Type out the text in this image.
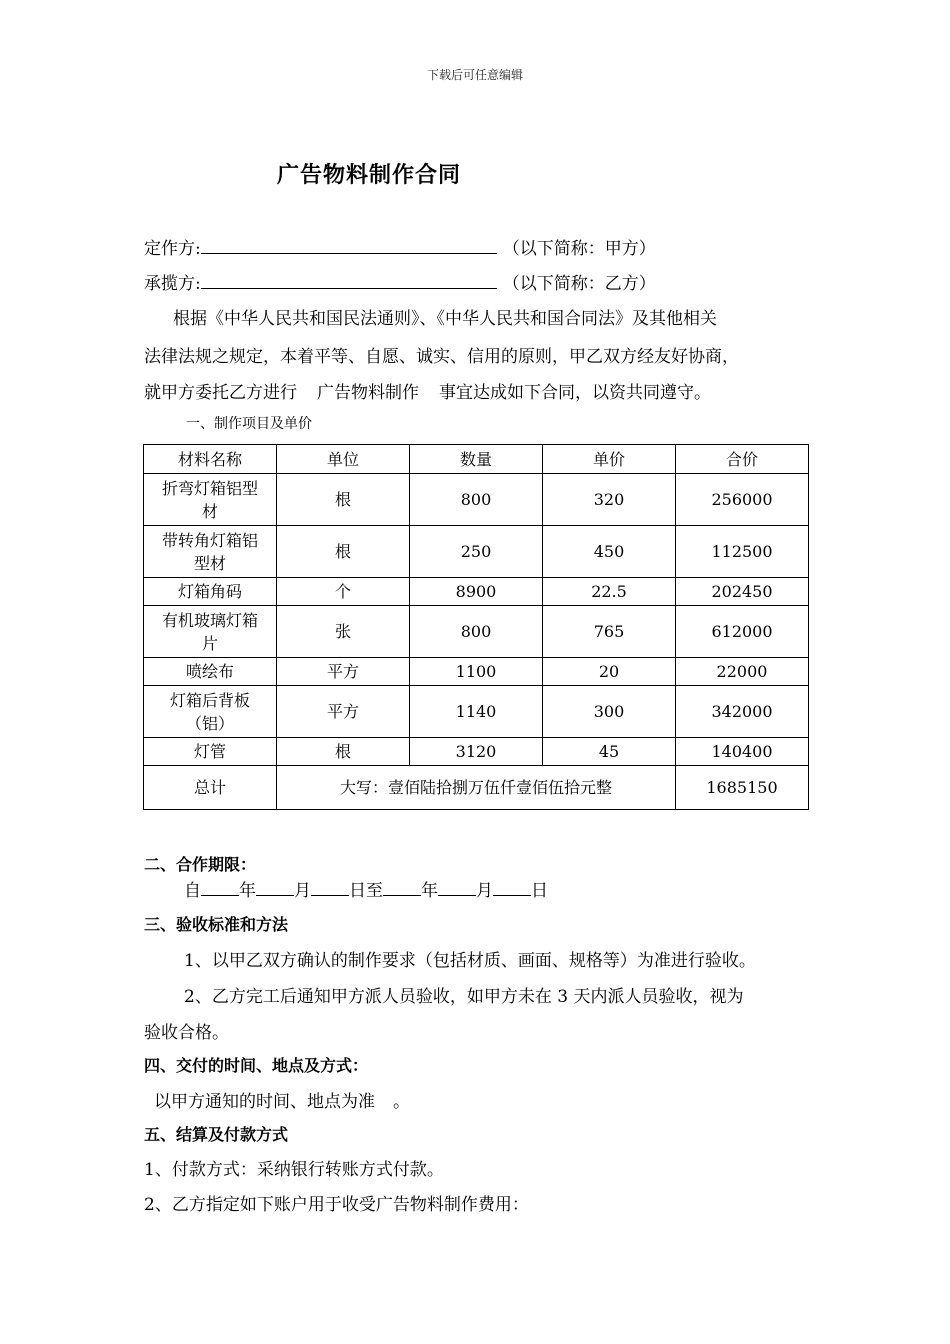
下载后可任意编辑
广告物料制作合同
定作方:	（以下简称：甲方）
承揽方:	（以下简称：乙方）
根据《中华人民共和国民法通则》、《中华人民共和国合同法》及其他相关
法律法规之规定，本着平等、自愿、诚实、信用的原则，甲乙双方经友好协商，
就甲方委托乙方进行 广告物料制作 事宜达成如下合同，以资共同遵守。
一、制作项目及单价
材料名称	单位	数量	单价	合价
折弯灯箱铝型
材	根	800	320	256000
带转角灯箱铝
型材	根	250	450	112500
灯箱角码	个	8900	22.5	202450
有机玻璃灯箱
片	张	800	765	612000
喷绘布	平方	1100	20	22000
灯箱后背板
（铝）	平方	1140	300	342000
灯管	根	3120	45	140400
总计	大写：壹佰陆拾捌万伍仟壹佰伍拾元整			1685150
二、合作期限：
自 年 月 日至 年 月 日
三、验收标准和方法
1、以甲乙双方确认的制作要求（包括材质、画面、规格等）为准进行验收。
2、乙方完工后通知甲方派人员验收，如甲方未在 3 天内派人员验收，视为
验收合格。
四、交付的时间、地点及方式：
以甲方通知的时间、地点为准 。
五、结算及付款方式
1、付款方式：采纳银行转账方式付款。
2、乙方指定如下账户用于收受广告物料制作费用：
